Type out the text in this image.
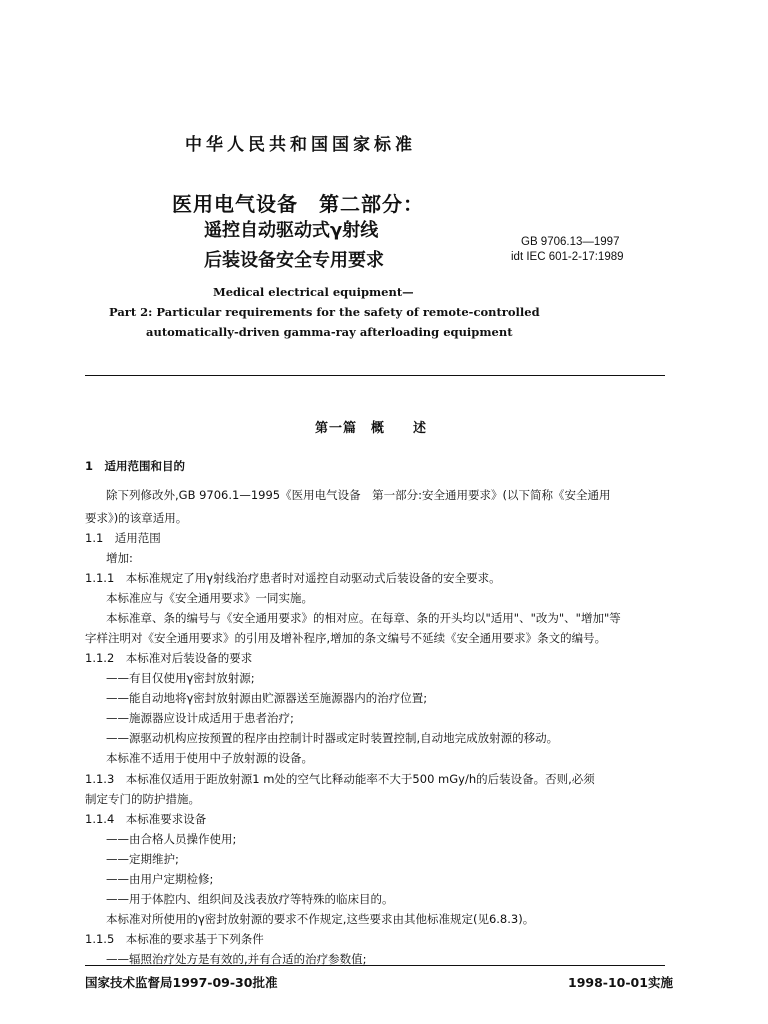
中华人民共和国国家标准
医用电气设备　第二部分：
遥控自动驱动式γ射线
后装设备安全专用要求
GB 9706.13—1997
idt IEC 601-2-17:1989
Medical electrical equipment—
Part 2: Particular requirements for the safety of remote-controlled
automatically-driven gamma-ray afterloading equipment
第一篇　概　　述
1　适用范围和目的
除下列修改外,GB 9706.1—1995《医用电气设备　第一部分:安全通用要求》(以下简称《安全通用
要求》)的该章适用。
1.1　适用范围
增加:
1.1.1　本标准规定了用γ射线治疗患者时对遥控自动驱动式后装设备的安全要求。
本标准应与《安全通用要求》一同实施。
本标准章、条的编号与《安全通用要求》的相对应。在每章、条的开头均以"适用"、"改为"、"增加"等
字样注明对《安全通用要求》的引用及增补程序,增加的条文编号不延续《安全通用要求》条文的编号。
1.1.2　本标准对后装设备的要求
——有目仅使用γ密封放射源;
——能自动地将γ密封放射源由贮源器送至施源器内的治疗位置;
——施源器应设计成适用于患者治疗;
——源驱动机构应按预置的程序由控制计时器或定时装置控制,自动地完成放射源的移动。
本标准不适用于使用中子放射源的设备。
1.1.3　本标准仅适用于距放射源1 m处的空气比释动能率不大于500 mGy/h的后装设备。否则,必须
制定专门的防护措施。
1.1.4　本标准要求设备
——由合格人员操作使用;
——定期维护;
——由用户定期检修;
——用于体腔内、组织间及浅表放疗等特殊的临床目的。
本标准对所使用的γ密封放射源的要求不作规定,这些要求由其他标准规定(见6.8.3)。
1.1.5　本标准的要求基于下列条件
——辐照治疗处方是有效的,并有合适的治疗参数值;
国家技术监督局1997-09-30批准	1998-10-01实施
